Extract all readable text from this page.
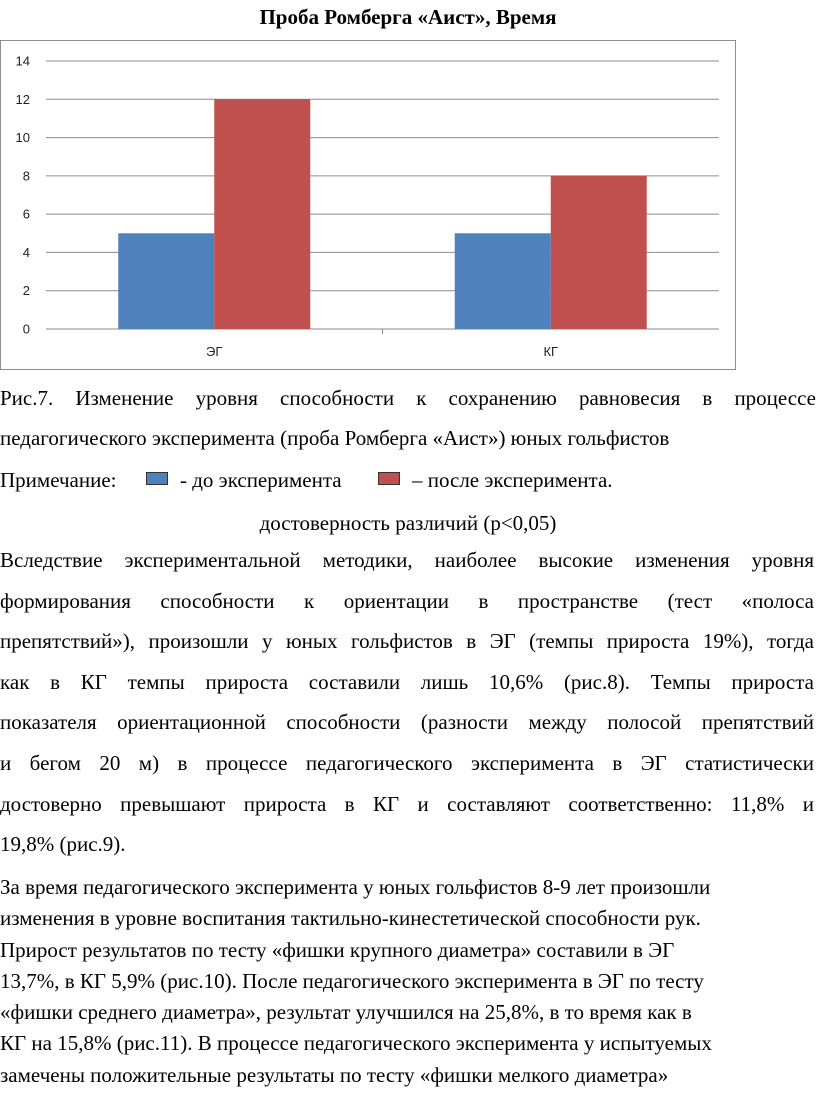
Проба Ромберга «Аист», Время
0
2
4
6
8
10
12
14
ЭГ	КГ
Рис.7. Изменение уровня способности к сохранению равновесия в процессе
педагогического эксперимента (проба Ромберга «Аист») юных гольфистов
Примечание:	- до эксперимента	– после эксперимента.
достоверность различий (p<0,05)

Вследствие экспериментальной методики, наиболее высокие изменения уровня

формирования способности к ориентации в пространстве (тест «полоса

препятствий»), произошли у юных гольфистов в ЭГ (темпы прироста 19%), тогда

как в КГ темпы прироста составили лишь 10,6% (рис.8). Темпы прироста

показателя ориентационной способности (разности между полосой препятствий

и бегом 20 м) в процессе педагогического эксперимента в ЭГ статистически

достоверно превышают прироста в КГ и составляют соответственно: 11,8% и

19,8% (рис.9).

За время педагогического эксперимента у юных гольфистов 8-9 лет произошли
изменения в уровне воспитания тактильно-кинестетической способности рук.
Прирост результатов по тесту «фишки крупного диаметра» составили в ЭГ
13,7%, в КГ 5,9% (рис.10). После педагогического эксперимента в ЭГ по тесту
«фишки среднего диаметра», результат улучшился на 25,8%, в то время как в
КГ на 15,8% (рис.11). В процессе педагогического эксперимента у испытуемых
замечены положительные результаты по тесту «фишки мелкого диаметра»
